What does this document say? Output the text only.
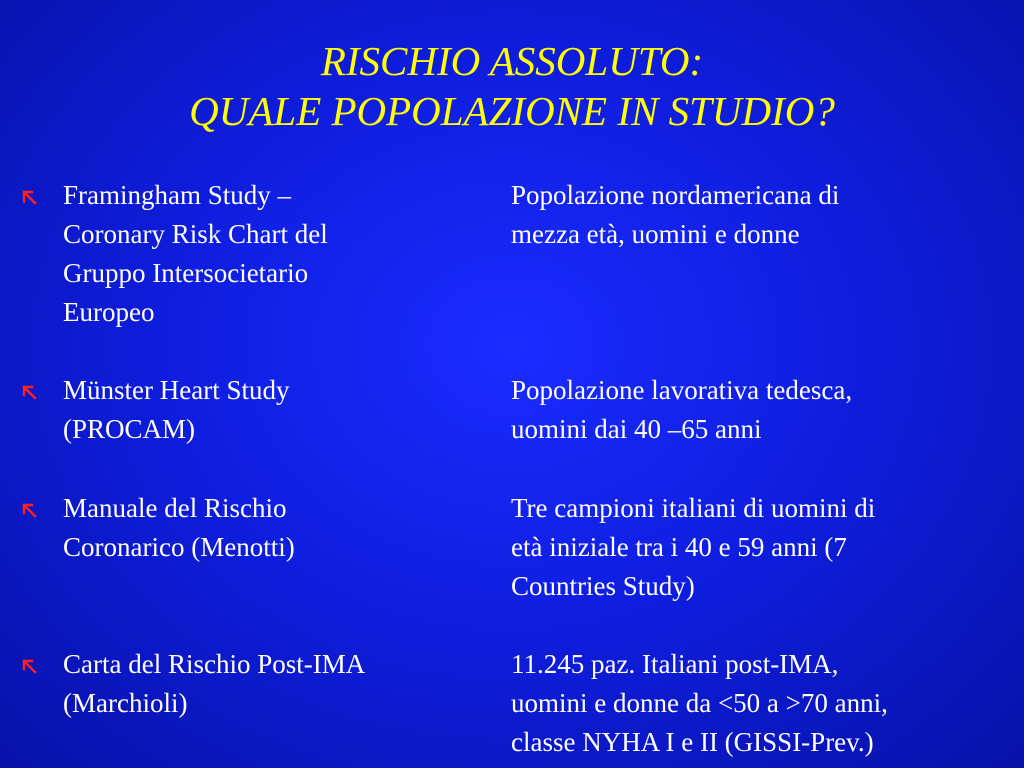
RISCHIO ASSOLUTO:
QUALE POPOLAZIONE IN STUDIO?
Framingham Study –
Coronary Risk Chart del
Gruppo Intersocietario
Europeo
Popolazione nordamericana di
mezza età, uomini e donne
Münster Heart Study
(PROCAM)
Popolazione lavorativa tedesca,
uomini dai 40 –65 anni
Manuale del Rischio
Coronarico (Menotti)
Tre campioni italiani di uomini di
età iniziale tra i 40 e 59 anni (7
Countries Study)
Carta del Rischio Post-IMA
(Marchioli)
11.245 paz. Italiani post-IMA,
uomini e donne da <50 a >70 anni,
classe NYHA I e II (GISSI-Prev.)
